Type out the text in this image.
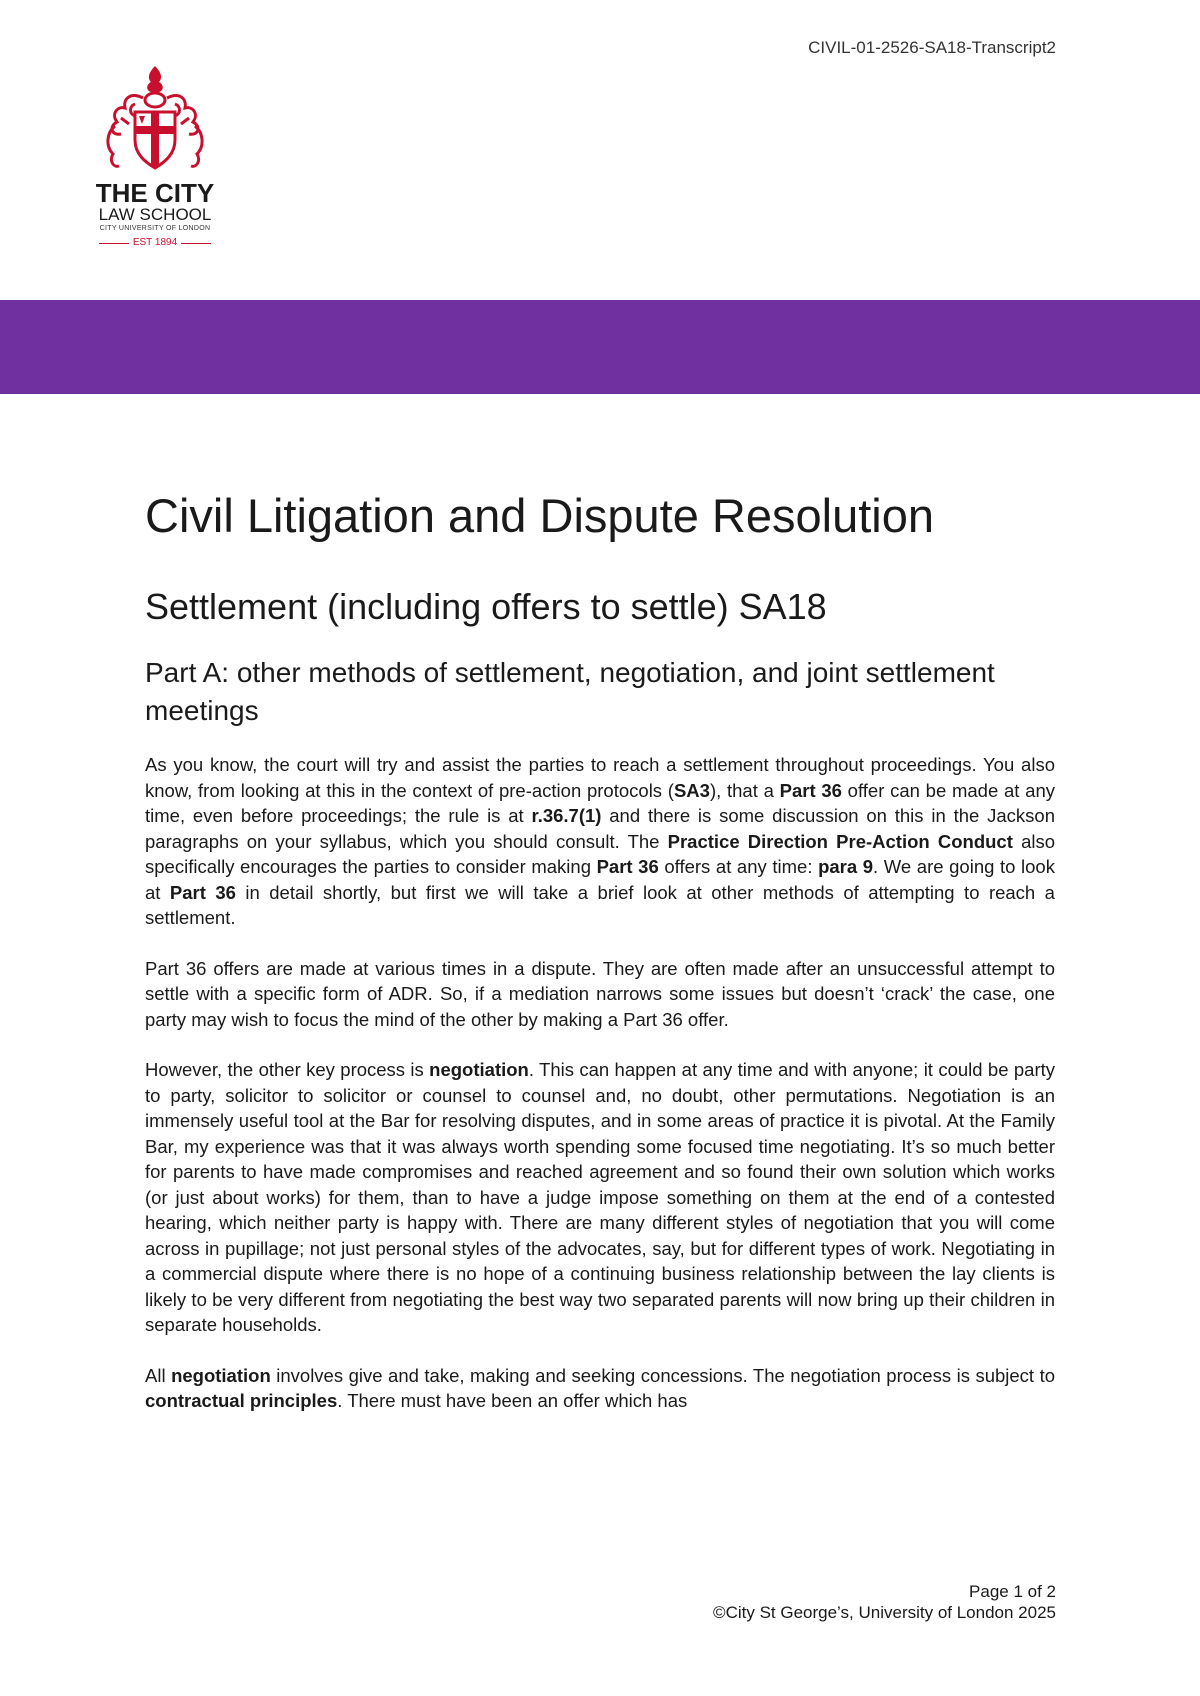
CIVIL-01-2526-SA18-Transcript2
THE CITY
LAW SCHOOL
CITY UNIVERSITY OF LONDON
EST 1894
Civil Litigation and Dispute Resolution
Settlement (including offers to settle) SA18
Part A: other methods of settlement, negotiation, and joint settlement meetings

As you know, the court will try and assist the parties to reach a settlement throughout proceedings. You also know, from looking at this in the context of pre-action protocols (SA3), that a Part 36 offer can be made at any time, even before proceedings; the rule is at r.36.7(1) and there is some discussion on this in the Jackson paragraphs on your syllabus, which you should consult. The Practice Direction Pre-Action Conduct also specifically encourages the parties to consider making Part 36 offers at any time: para 9. We are going to look at Part 36 in detail shortly, but first we will take a brief look at other methods of attempting to reach a settlement.

Part 36 offers are made at various times in a dispute. They are often made after an unsuccessful attempt to settle with a specific form of ADR. So, if a mediation narrows some issues but doesn’t ‘crack’ the case, one party may wish to focus the mind of the other by making a Part 36 offer.

However, the other key process is negotiation. This can happen at any time and with anyone; it could be party to party, solicitor to solicitor or counsel to counsel and, no doubt, other permutations. Negotiation is an immensely useful tool at the Bar for resolving disputes, and in some areas of practice it is pivotal. At the Family Bar, my experience was that it was always worth spending some focused time negotiating. It’s so much better for parents to have made compromises and reached agreement and so found their own solution which works (or just about works) for them, than to have a judge impose something on them at the end of a contested hearing, which neither party is happy with. There are many different styles of negotiation that you will come across in pupillage; not just personal styles of the advocates, say, but for different types of work. Negotiating in a commercial dispute where there is no hope of a continuing business relationship between the lay clients is likely to be very different from negotiating the best way two separated parents will now bring up their children in separate households.

All negotiation involves give and take, making and seeking concessions. The negotiation process is subject to contractual principles. There must have been an offer which has

Page 1 of 2
©City St George’s, University of London 2025
